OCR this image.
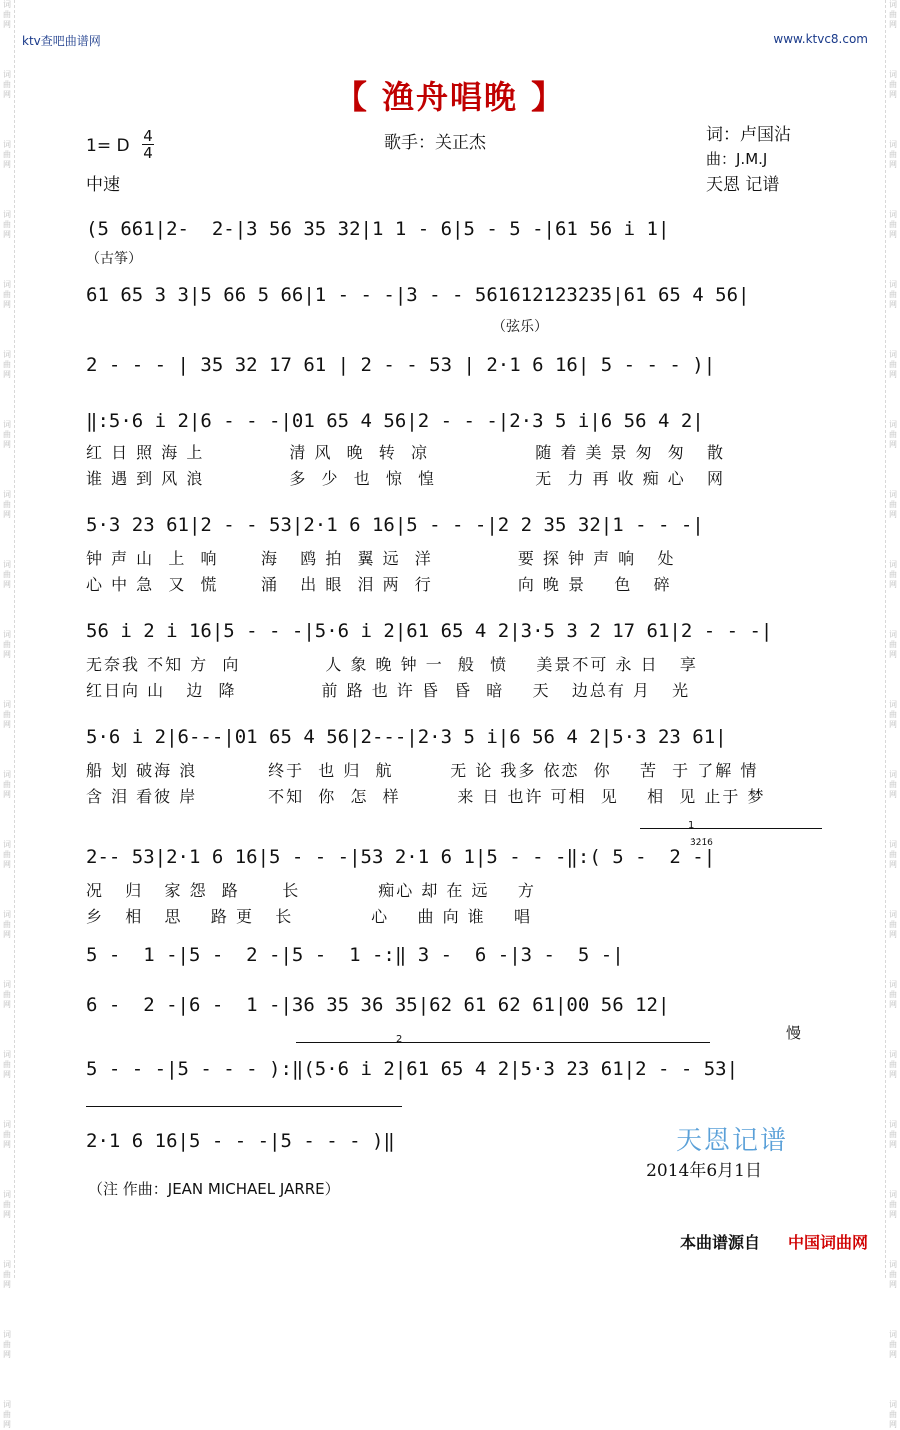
词曲网
词曲网
词曲网
词曲网
词曲网
词曲网
词曲网
词曲网
词曲网
词曲网
词曲网
词曲网
词曲网
词曲网
词曲网
词曲网
词曲网
词曲网
词曲网
词曲网
词曲网
词曲网
词曲网
词曲网
词曲网
词曲网
词曲网
词曲网
词曲网
词曲网
词曲网
词曲网
词曲网
词曲网
词曲网
词曲网
词曲网
词曲网
词曲网
词曲网
词曲网
词曲网
ktv查吧曲谱网	www.ktvc8.com
【 渔舟唱晚 】
1= D 4
4
中速
歌手：关正杰	词：卢国沾
曲：J.M.J
天恩 记谱
(5 661|2-  2-|3 56 35 32|1 1 - 6|5 - 5 -|61 56 i 1|
（古筝）
61 65 3 3|5 66 5 66|1 - - -|3 - - 561612123235|61 65 4 56|
（弦乐）
2 - - - | 35 32 17 61 | 2 - - 53 | 2·1 6 16| 5 - - - )|
‖:5·6 i 2|6 - - -|01 65 4 56|2 - - -|2·3 5 i|6 56 4 2|
红 日 照 海 上            清 风  晚  转  凉               随 着 美 景 匆  匆   散
谁 遇 到 风 浪            多  少  也  惊  惶              无  力 再 收 痴 心   网
5·3 23 61|2 - - 53|2·1 6 16|5 - - -|2 2 35 32|1 - - -|
钟 声 山  上  响      海   鸥 拍  翼 远  洋            要 探 钟 声 响   处
心 中 急  又  慌      涌   出 眼  泪 两  行            向 晚 景    色   碎
56 i 2 i 16|5 - - -|5·6 i 2|61 65 4 2|3·5 3 2 17 61|2 - - -|
无奈我 不知 方  向            人 象 晚 钟 一  般  愤    美景不可 永 日   享
红日向 山   边  降            前 路 也 许 昏  昏  暗    天   边总有 月   光
5·6 i 2|6---|01 65 4 56|2---|2·3 5 i|6 56 4 2|5·3 23 61|
船 划 破海 浪          终于  也 归  航        无 论 我多 依恋  你    苦  于 了解 情
含 泪 看彼 岸          不知  你  怎  样        来 日 也许 可相  见    相  见 止于 梦
1
2-- 53|2·1 6 16|5 - - -|53 2·1 6 1|5 - - -‖:( 5 -  2 -|
况   归   家 怨  路      长           痴心 却 在 远    方
乡   相   思    路 更   长           心    曲 向 谁    唱
3̇2̇1̇6
5 -  1 -|5 -  2 -|5 -  1 -:‖ 3 -  6 -|3 -  5 -|
6 -  2 -|6 -  1 -|36 35 36 35|62 61 62 61|00 56 12|
慢
2
5 - - -|5 - - - ):‖(5·6 i 2|61 65 4 2|5·3 23 61|2 - - 53|
2·1 6 16|5 - - -|5 - - - )‖	天恩记谱
2014年6月1日
（注 作曲：JEAN MICHAEL JARRE）
本曲谱源自 中国词曲网
